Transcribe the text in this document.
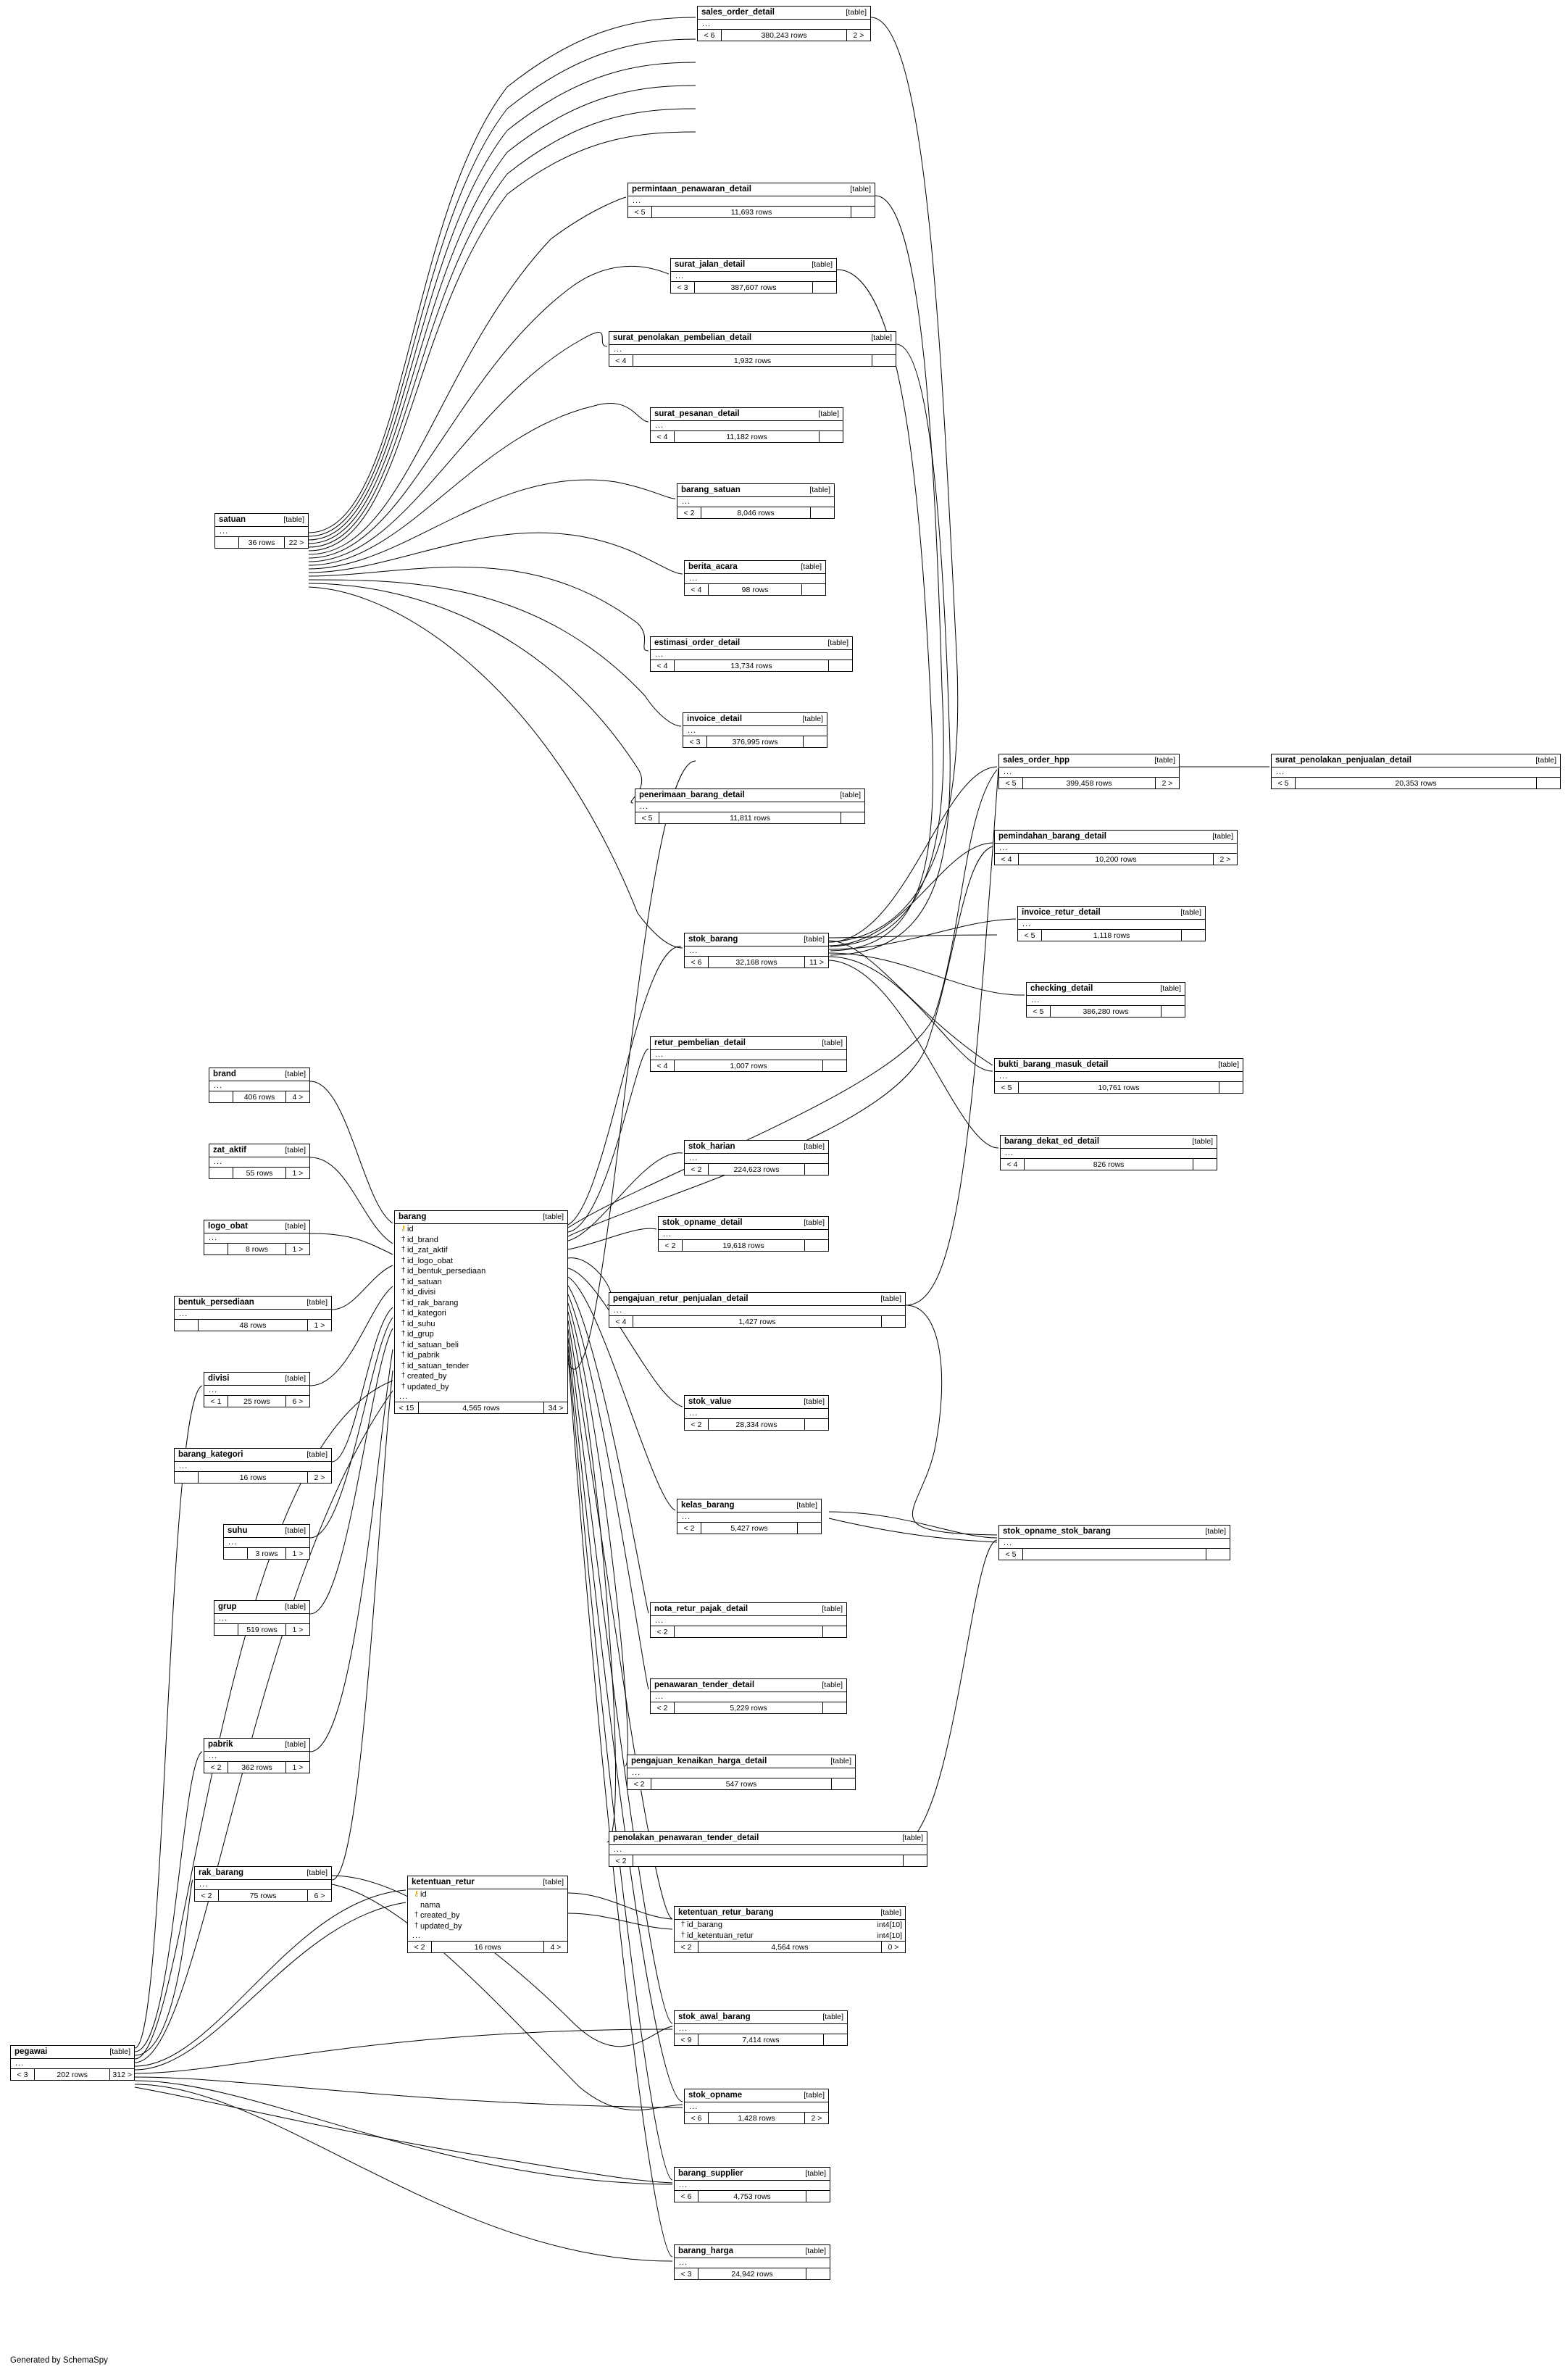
sales_order_detail	[table]
...
< 6	380,243 rows	2 >
permintaan_penawaran_detail	[table]
...
< 5	11,693 rows
surat_jalan_detail	[table]
...
< 3	387,607 rows
surat_penolakan_pembelian_detail	[table]
...
< 4	1,932 rows
surat_pesanan_detail	[table]
...
< 4	11,182 rows
barang_satuan	[table]
...
< 2	8,046 rows
berita_acara	[table]
...
< 4	98 rows
estimasi_order_detail	[table]
...
< 4	13,734 rows
invoice_detail	[table]
...
< 3	376,995 rows
penerimaan_barang_detail	[table]
...
< 5	11,811 rows
stok_barang	[table]
...
< 6	32,168 rows	11 >
retur_pembelian_detail	[table]
...
< 4	1,007 rows
stok_harian	[table]
...
< 2	224,623 rows
stok_opname_detail	[table]
...
< 2	19,618 rows
pengajuan_retur_penjualan_detail	[table]
...
< 4	1,427 rows
stok_value	[table]
...
< 2	28,334 rows
kelas_barang	[table]
...
< 2	5,427 rows
nota_retur_pajak_detail	[table]
...
< 2
penawaran_tender_detail	[table]
...
< 2	5,229 rows
pengajuan_kenaikan_harga_detail	[table]
...
< 2	547 rows
penolakan_penawaran_tender_detail	[table]
...
< 2
sales_order_hpp	[table]
...
< 5	399,458 rows	2 >
surat_penolakan_penjualan_detail	[table]
...
< 5	20,353 rows
pemindahan_barang_detail	[table]
...
< 4	10,200 rows	2 >
invoice_retur_detail	[table]
...
< 5	1,118 rows
checking_detail	[table]
...
< 5	386,280 rows
bukti_barang_masuk_detail	[table]
...
< 5	10,761 rows
barang_dekat_ed_detail	[table]
...
< 4	826 rows
stok_opname_stok_barang	[table]
...
< 5
brand	[table]
...
406 rows	4 >
zat_aktif	[table]
...
55 rows	1 >
logo_obat	[table]
...
8 rows	1 >
bentuk_persediaan	[table]
...
48 rows	1 >
divisi	[table]
...
< 1	25 rows	6 >
barang_kategori	[table]
...
16 rows	2 >
suhu	[table]
...
3 rows	1 >
grup	[table]
...
519 rows	1 >
pabrik	[table]
...
< 2	362 rows	1 >
rak_barang	[table]
...
< 2	75 rows	6 >
pegawai	[table]
...
< 3	202 rows	312 >
barang	[table]
⚷ id
† id_brand
† id_zat_aktif
† id_logo_obat
† id_bentuk_persediaan
† id_satuan
† id_divisi
† id_rak_barang
† id_kategori
† id_suhu
† id_grup
† id_satuan_beli
† id_pabrik
† id_satuan_tender
† created_by
† updated_by
...
< 15	4,565 rows	34 >
satuan	[table]
...
36 rows	22 >
ketentuan_retur	[table]
⚷ id
nama
† created_by
† updated_by
...
< 2	16 rows	4 >
ketentuan_retur_barang	[table]
† id_barang	int4[10]
† id_ketentuan_retur	int4[10]
< 2	4,564 rows	0 >
stok_awal_barang	[table]
...
< 9	7,414 rows
stok_opname	[table]
...
< 6	1,428 rows	2 >
barang_supplier	[table]
...
< 6	4,753 rows
barang_harga	[table]
...
< 3	24,942 rows
Generated by SchemaSpy
